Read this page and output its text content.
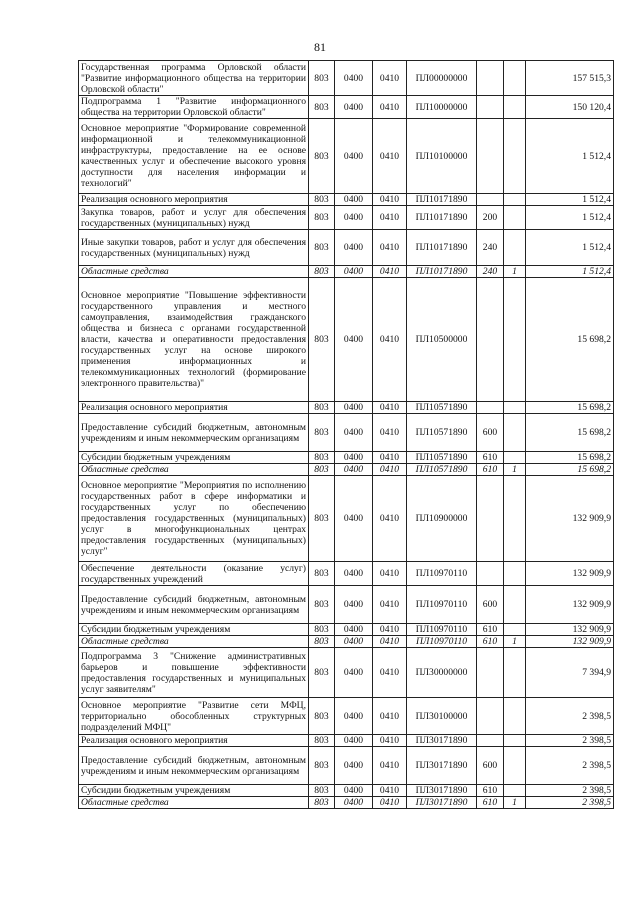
81
Государственная программа Орловской области "Развитие информационного общества на территории Орловской области"	803	0400	0410	ПЛ00000000			157 515,3
Подпрограмма 1 "Развитие информационного общества на территории Орловской области"	803	0400	0410	ПЛ10000000			150 120,4
Основное мероприятие "Формирование современной информационной и телекоммуникационной инфраструктуры, предоставление на ее основе качественных услуг и обеспечение высокого уровня доступности для населения информации и технологий"	803	0400	0410	ПЛ10100000			1 512,4
Реализация основного мероприятия	803	0400	0410	ПЛ10171890			1 512,4
Закупка товаров, работ и услуг для обеспечения государственных (муниципальных) нужд	803	0400	0410	ПЛ10171890	200		1 512,4
Иные закупки товаров, работ и услуг для обеспечения государственных (муниципальных) нужд	803	0400	0410	ПЛ10171890	240		1 512,4
Областные средства	803	0400	0410	ПЛ10171890	240	1	1 512,4
Основное мероприятие "Повышение эффективности государственного управления и местного самоуправления, взаимодействия гражданского общества и бизнеса с органами государственной власти, качества и оперативности предоставления государственных услуг на основе широкого применения информационных и телекоммуникационных технологий (формирование электронного правительства)"	803	0400	0410	ПЛ10500000			15 698,2
Реализация основного мероприятия	803	0400	0410	ПЛ10571890			15 698,2
Предоставление субсидий бюджетным, автономным учреждениям и иным некоммерческим организациям	803	0400	0410	ПЛ10571890	600		15 698,2
Субсидии бюджетным учреждениям	803	0400	0410	ПЛ10571890	610		15 698,2
Областные средства	803	0400	0410	ПЛ10571890	610	1	15 698,2
Основное мероприятие "Мероприятия по исполнению государственных работ в сфере информатики и государственных услуг по обеспечению предоставления государственных (муниципальных) услуг в многофункциональных центрах предоставления государственных (муниципальных) услуг"	803	0400	0410	ПЛ10900000			132 909,9
Обеспечение деятельности (оказание услуг) государственных учреждений	803	0400	0410	ПЛ10970110			132 909,9
Предоставление субсидий бюджетным, автономным учреждениям и иным некоммерческим организациям	803	0400	0410	ПЛ10970110	600		132 909,9
Субсидии бюджетным учреждениям	803	0400	0410	ПЛ10970110	610		132 909,9
Областные средства	803	0400	0410	ПЛ10970110	610	1	132 909,9
Подпрограмма 3 "Снижение административных барьеров и повышение эффективности предоставления государственных и муниципальных услуг заявителям"	803	0400	0410	ПЛ30000000			7 394,9
Основное мероприятие "Развитие сети МФЦ, территориально обособленных структурных подразделений МФЦ"	803	0400	0410	ПЛ30100000			2 398,5
Реализация основного мероприятия	803	0400	0410	ПЛ30171890			2 398,5
Предоставление субсидий бюджетным, автономным учреждениям и иным некоммерческим организациям	803	0400	0410	ПЛ30171890	600		2 398,5
Субсидии бюджетным учреждениям	803	0400	0410	ПЛ30171890	610		2 398,5
Областные средства	803	0400	0410	ПЛ30171890	610	1	2 398,5
